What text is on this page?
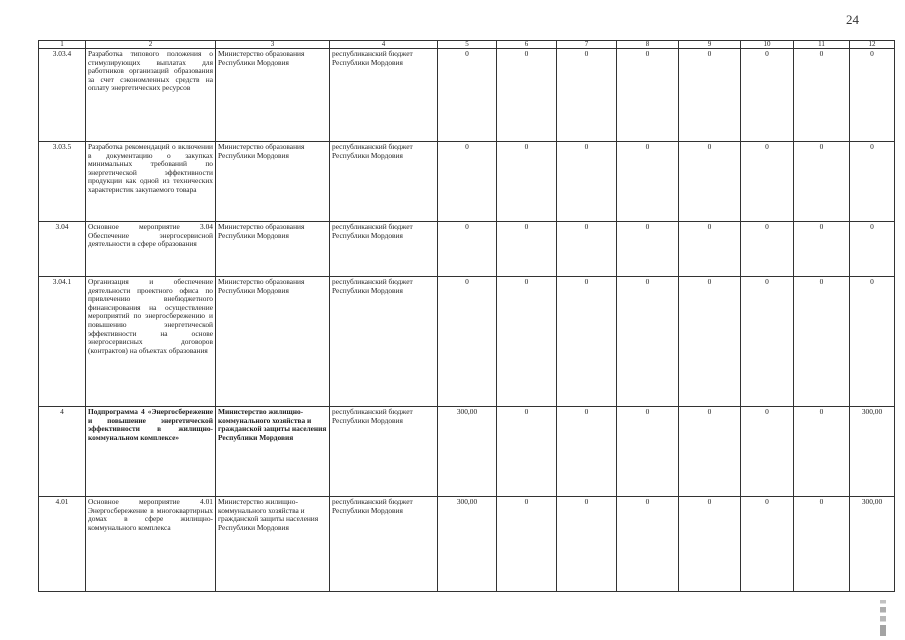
24
1	2	3	4	5	6	7	8	9	10	11	12
3.03.4	Разработка типового положения о стимулирующих выплатах для работников организаций образования за счет сэкономленных средств на оплату энергетических ресурсов	Министерство образования Республики Мордовия	республиканский бюджет Республики Мордовия	0	0	0	0	0	0	0	0
3.03.5	Разработка рекомендаций о включении в документацию о закупках минимальных требований по энергетической эффективности продукции как одной из технических характеристик закупаемого товара	Министерство образования Республики Мордовия	республиканский бюджет Республики Мордовия	0	0	0	0	0	0	0	0
3.04	Основное мероприятие 3.04 Обеспечение энергосервисной деятельности в сфере образования	Министерство образования Республики Мордовия	республиканский бюджет Республики Мордовия	0	0	0	0	0	0	0	0
3.04.1	Организация и обеспечение деятельности проектного офиса по привлечению внебюджетного финансирования на осуществление мероприятий по энергосбережению и повышению энергетической эффективности на основе энергосервисных договоров (контрактов) на объектах образования	Министерство образования Республики Мордовия	республиканский бюджет Республики Мордовия	0	0	0	0	0	0	0	0
4	Подпрограмма 4 «Энергосбережение и повышение энергетической эффективности в жилищно-коммунальном комплексе»	Министерство жилищно-коммунального хозяйства и гражданской защиты населения Республики Мордовия	республиканский бюджет Республики Мордовия	300,00	0	0	0	0	0	0	300,00
4.01	Основное мероприятие 4.01 Энергосбережение в многоквартирных домах в сфере жилищно-коммунального комплекса	Министерство жилищно-коммунального хозяйства и гражданской защиты населения Республики Мордовия	республиканский бюджет Республики Мордовия	300,00	0	0	0	0	0	0	300,00
